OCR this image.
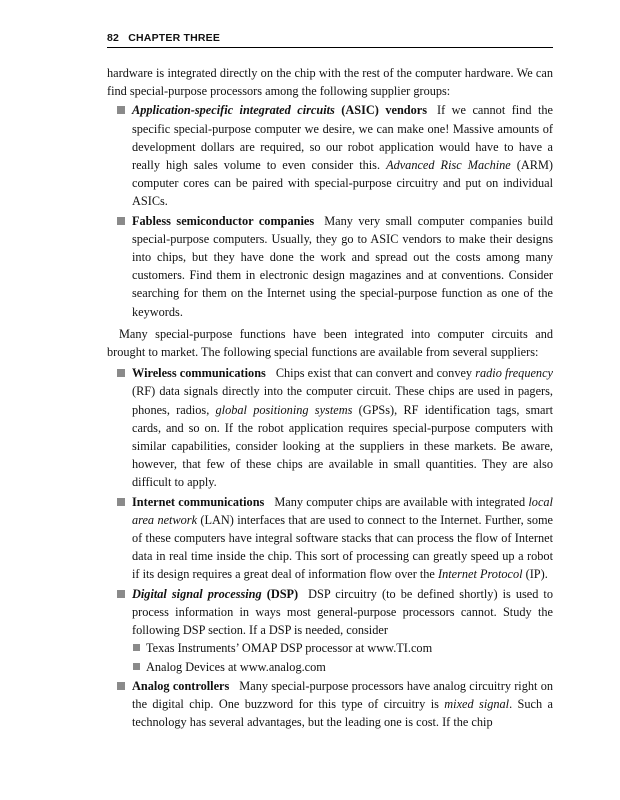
82 CHAPTER THREE

hardware is integrated directly on the chip with the rest of the computer hardware. We can find special-purpose processors among the following supplier groups:

Application-specific integrated circuits (ASIC) vendors If we cannot find the specific special-purpose computer we desire, we can make one! Massive amounts of development dollars are required, so our robot application would have to have a really high sales volume to even consider this. Advanced Risc Machine (ARM) computer cores can be paired with special-purpose circuitry and put on individual ASICs.
Fabless semiconductor companies Many very small computer companies build special-purpose computers. Usually, they go to ASIC vendors to make their designs into chips, but they have done the work and spread out the costs among many customers. Find them in electronic design magazines and at conventions. Consider searching for them on the Internet using the special-purpose function as one of the keywords.

Many special-purpose functions have been integrated into computer circuits and brought to market. The following special functions are available from several suppliers:

Wireless communications Chips exist that can convert and convey radio frequency (RF) data signals directly into the computer circuit. These chips are used in pagers, phones, radios, global positioning systems (GPSs), RF identification tags, smart cards, and so on. If the robot application requires special-purpose computers with similar capabilities, consider looking at the suppliers in these markets. Be aware, however, that few of these chips are available in small quantities. They are also difficult to apply.
Internet communications Many computer chips are available with integrated local area network (LAN) interfaces that are used to connect to the Internet. Further, some of these computers have integral software stacks that can process the flow of Internet data in real time inside the chip. This sort of processing can greatly speed up a robot if its design requires a great deal of information flow over the Internet Protocol (IP).
Digital signal processing (DSP) DSP circuitry (to be defined shortly) is used to process information in ways most general-purpose processors cannot. Study the following DSP section. If a DSP is needed, consider
Texas Instruments’ OMAP DSP processor at www.TI.com
Analog Devices at www.analog.com
Analog controllers Many special-purpose processors have analog circuitry right on the digital chip. One buzzword for this type of circuitry is mixed signal. Such a technology has several advantages, but the leading one is cost. If the chip
